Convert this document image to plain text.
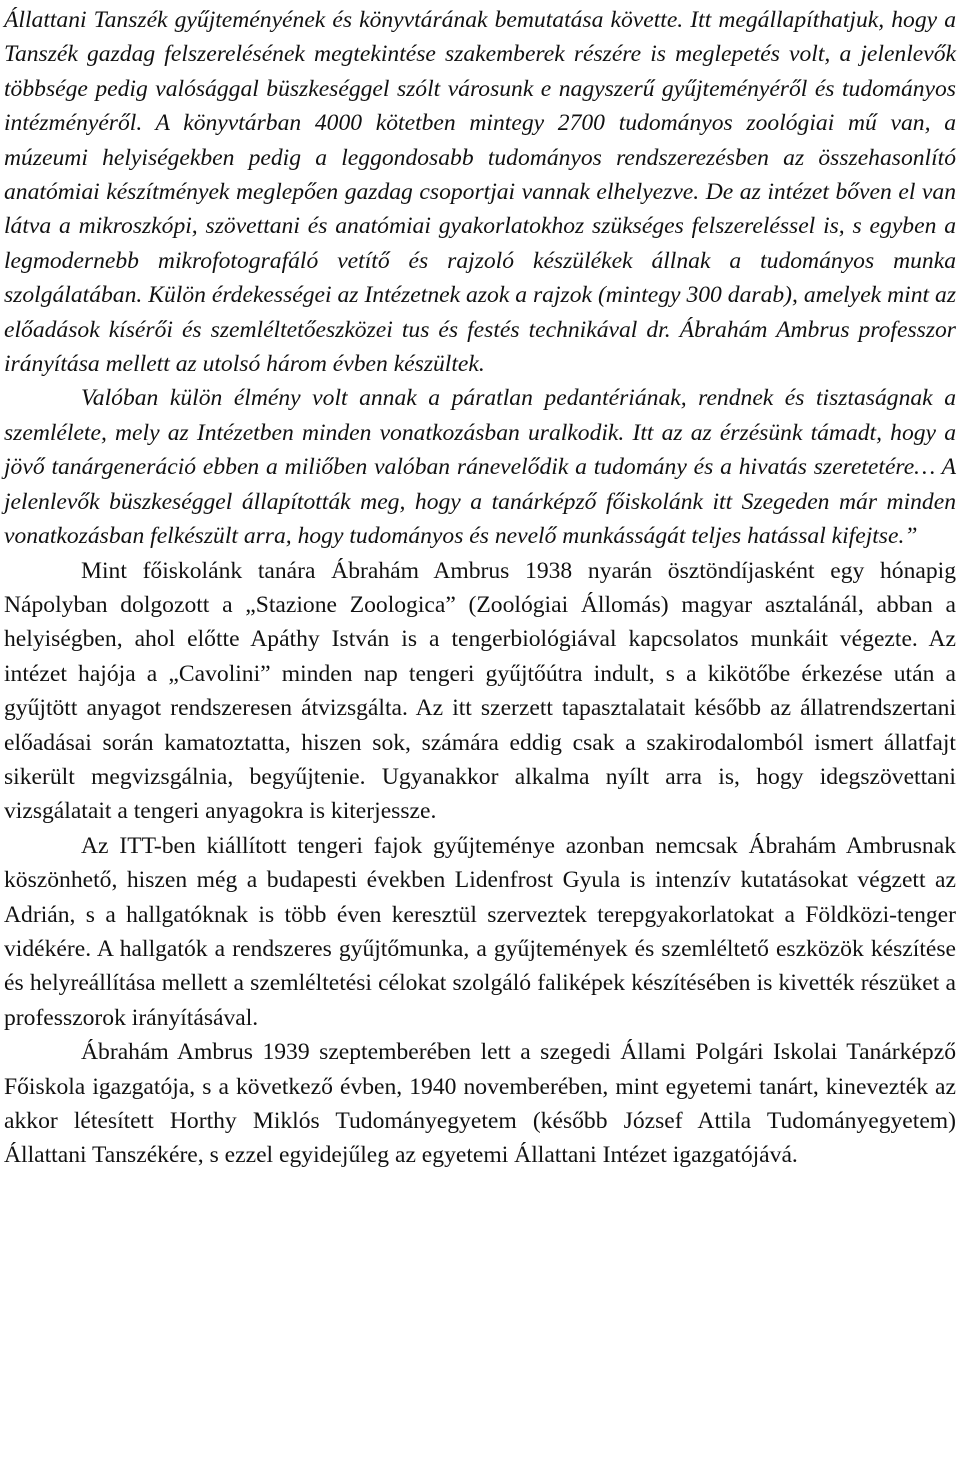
Állattani Tanszék gyűjteményének és könyvtárának bemutatása követte. Itt megállapíthatjuk, hogy a Tanszék gazdag felszerelésének megtekintése szakemberek részére is meglepetés volt, a jelenlevők többsége pedig valósággal büszkeséggel szólt városunk e nagyszerű gyűjteményéről és tudományos intézményéről. A könyvtárban 4000 kötetben mintegy 2700 tudományos zoológiai mű van, a múzeumi helyiségekben pedig a leggondosabb tudományos rendszerezésben az összehasonlító anatómiai készítmények meglepően gazdag csoportjai vannak elhelyezve. De az intézet bőven el van látva a mikroszkópi, szövettani és anatómiai gyakorlatokhoz szükséges felszereléssel is, s egyben a legmodernebb mikrofotografáló vetítő és rajzoló készülékek állnak a tudományos munka szolgálatában. Külön érdekességei az Intézetnek azok a rajzok (mintegy 300 darab), amelyek mint az előadások kísérői és szemléltetőeszközei tus és festés technikával dr. Ábrahám Ambrus professzor irányítása mellett az utolsó három évben készültek.

Valóban külön élmény volt annak a páratlan pedantériának, rendnek és tisztaságnak a szemlélete, mely az Intézetben minden vonatkozásban uralkodik. Itt az az érzésünk támadt, hogy a jövő tanárgeneráció ebben a miliőben valóban ránevelődik a tudomány és a hivatás szeretetére… A jelenlevők büszkeséggel állapították meg, hogy a tanárképző főiskolánk itt Szegeden már minden vonatkozásban felkészült arra, hogy tudományos és nevelő munkásságát teljes hatással kifejtse.”

Mint főiskolánk tanára Ábrahám Ambrus 1938 nyarán ösztöndíjasként egy hónapig Nápolyban dolgozott a „Stazione Zoologica” (Zoológiai Állomás) magyar asztalánál, abban a helyiségben, ahol előtte Apáthy István is a tengerbiológiával kapcsolatos munkáit végezte. Az intézet hajója a „Cavolini” minden nap tengeri gyűjtőútra indult, s a kikötőbe érkezése után a gyűjtött anyagot rendszeresen átvizsgálta. Az itt szerzett tapasztalatait később az állatrendszertani előadásai során kamatoztatta, hiszen sok, számára eddig csak a szakirodalomból ismert állatfajt sikerült megvizsgálnia, begyűjtenie. Ugyanakkor alkalma nyílt arra is, hogy idegszövettani vizsgálatait a tengeri anyagokra is kiterjessze.

Az ITT-ben kiállított tengeri fajok gyűjteménye azonban nemcsak Ábrahám Ambrusnak köszönhető, hiszen még a budapesti években Lidenfrost Gyula is intenzív kutatásokat végzett az Adrián, s a hallgatóknak is több éven keresztül szerveztek terepgyakorlatokat a Földközi-tenger vidékére. A hallgatók a rendszeres gyűjtőmunka, a gyűjtemények és szemléltető eszközök készítése és helyreállítása mellett a szemléltetési célokat szolgáló faliképek készítésében is kivették részüket a professzorok irányításával.

Ábrahám Ambrus 1939 szeptemberében lett a szegedi Állami Polgári Iskolai Tanárképző Főiskola igazgatója, s a következő évben, 1940 novemberében, mint egyetemi tanárt, kinevezték az akkor létesített Horthy Miklós Tudományegyetem (később József Attila Tudományegyetem) Állattani Tanszékére, s ezzel egyidejűleg az egyetemi Állattani Intézet igazgatójává.
